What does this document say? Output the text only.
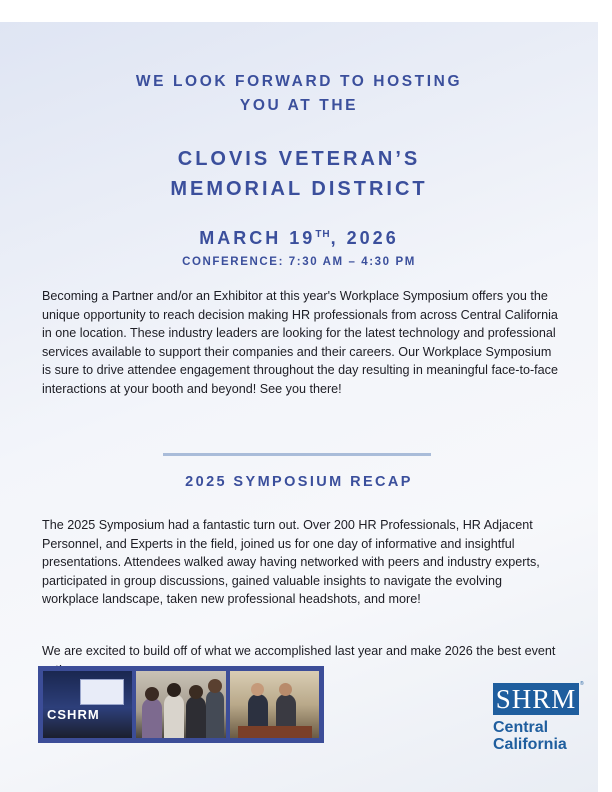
WE LOOK FORWARD TO HOSTING
YOU AT THE
CLOVIS VETERAN’S
MEMORIAL DISTRICT
MARCH 19TH, 2026
CONFERENCE: 7:30 AM – 4:30 PM
Becoming a Partner and/or an Exhibitor at this year's Workplace Symposium offers you the unique opportunity to reach decision making HR professionals from across Central California in one location. These industry leaders are looking for the latest technology and professional services available to support their companies and their careers. Our Workplace Symposium is sure to drive attendee engagement throughout the day resulting in meaningful face-to-face interactions at your booth and beyond! See you there!
2025 SYMPOSIUM RECAP
The 2025 Symposium had a fantastic turn out. Over 200 HR Professionals, HR Adjacent Personnel, and Experts in the field, joined us for one day of informative and insightful presentations. Attendees walked away having networked with peers and industry experts, participated in group discussions, gained valuable insights to navigate the evolving workplace landscape, taken new professional headshots, and more!
We are excited to build off of what we accomplished last year and make 2026 the best event
CSHRM
SHRM ®
Central
California
